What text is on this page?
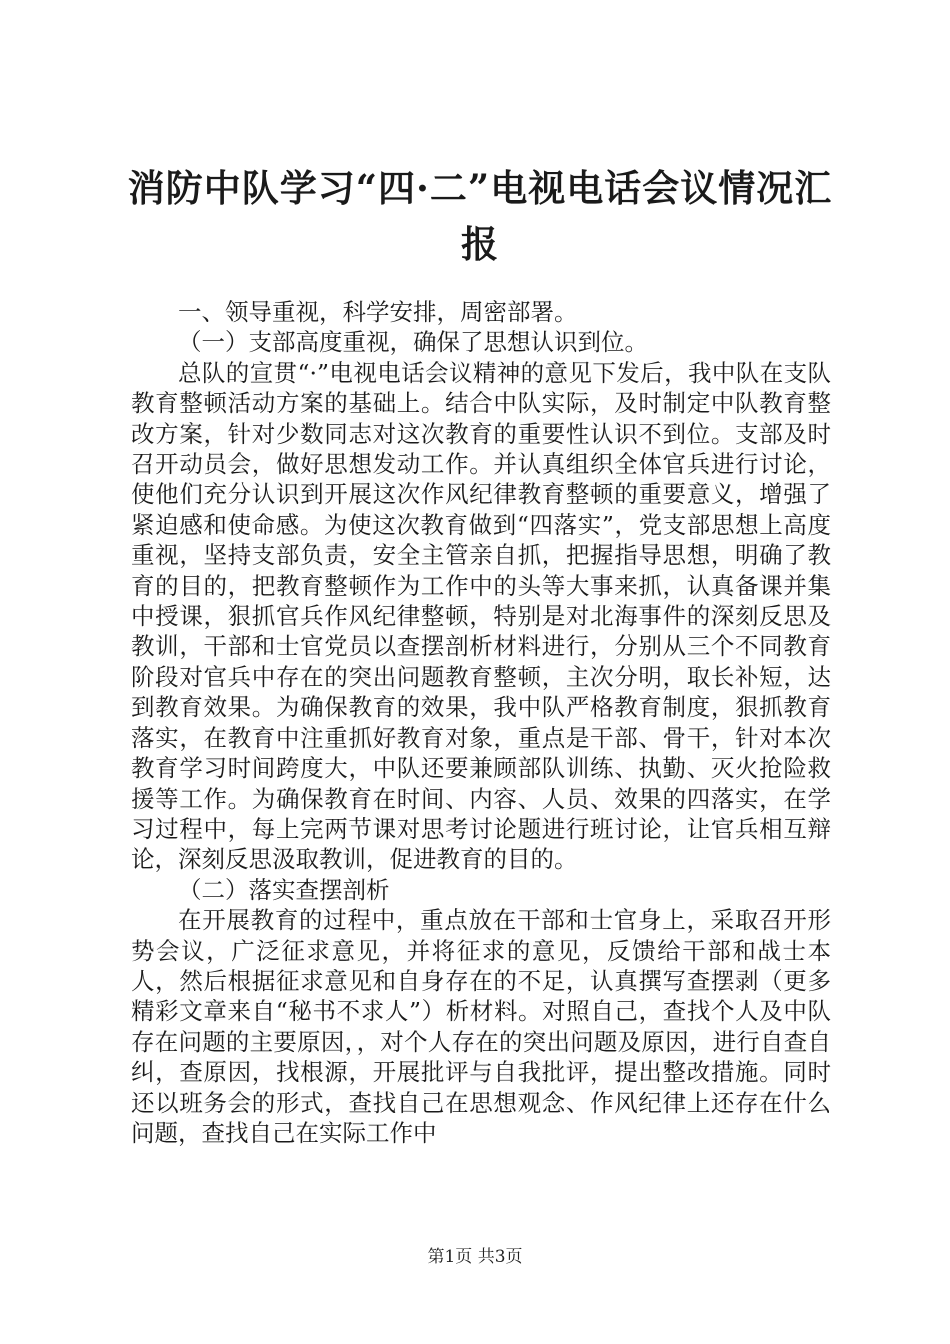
消防中队学习“四·二”电视电话会议情况汇报

一、领导重视，科学安排，周密部署。

（一）支部高度重视，确保了思想认识到位。

总队的宣贯“·”电视电话会议精神的意见下发后，我中队在支队教育整顿活动方案的基础上。结合中队实际，及时制定中队教育整改方案，针对少数同志对这次教育的重要性认识不到位。支部及时召开动员会，做好思想发动工作。并认真组织全体官兵进行讨论，使他们充分认识到开展这次作风纪律教育整顿的重要意义，增强了紧迫感和使命感。为使这次教育做到“四落实”，党支部思想上高度重视，坚持支部负责，安全主管亲自抓，把握指导思想，明确了教育的目的，把教育整顿作为工作中的头等大事来抓，认真备课并集中授课，狠抓官兵作风纪律整顿，特别是对北海事件的深刻反思及教训，干部和士官党员以查摆剖析材料进行，分别从三个不同教育阶段对官兵中存在的突出问题教育整顿，主次分明，取长补短，达到教育效果。为确保教育的效果，我中队严格教育制度，狠抓教育落实，在教育中注重抓好教育对象，重点是干部、骨干，针对本次教育学习时间跨度大，中队还要兼顾部队训练、执勤、灭火抢险救援等工作。为确保教育在时间、内容、人员、效果的四落实，在学习过程中，每上完两节课对思考讨论题进行班讨论，让官兵相互辩论，深刻反思汲取教训，促进教育的目的。

（二）落实查摆剖析

在开展教育的过程中，重点放在干部和士官身上，采取召开形势会议，广泛征求意见，并将征求的意见，反馈给干部和战士本人，然后根据征求意见和自身存在的不足，认真撰写查摆剥（更多精彩文章来自“秘书不求人”）析材料。对照自己，查找个人及中队存在问题的主要原因，，对个人存在的突出问题及原因，进行自查自纠，查原因，找根源，开展批评与自我批评，提出整改措施。同时还以班务会的形式，查找自己在思想观念、作风纪律上还存在什么问题，查找自己在实际工作中

第1页 共3页
